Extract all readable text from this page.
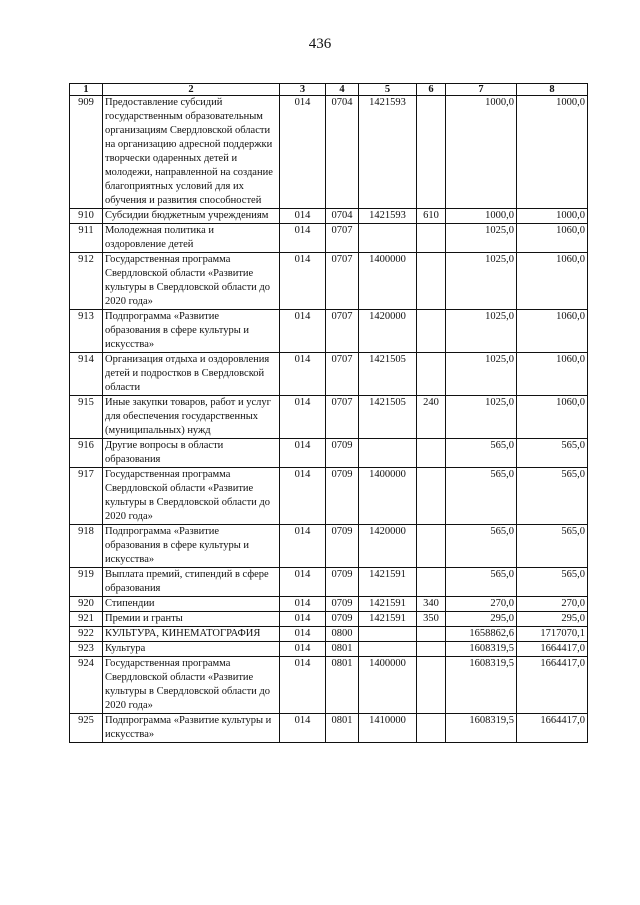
436
1	2	3	4	5	6	7	8
909	Предоставление субсидий государственным образовательным организациям Свердловской области на организацию адресной поддержки творчески одаренных детей и молодежи, направленной на создание благоприятных условий для их обучения и развития способностей	014	0704	1421593		1000,0	1000,0
910	Субсидии бюджетным учреждениям	014	0704	1421593	610	1000,0	1000,0
911	Молодежная политика и оздоровление детей	014	0707			1025,0	1060,0
912	Государственная программа Свердловской области «Развитие культуры в Свердловской области до 2020 года»	014	0707	1400000		1025,0	1060,0
913	Подпрограмма «Развитие образования в сфере культуры и искусства»	014	0707	1420000		1025,0	1060,0
914	Организация отдыха и оздоровления детей и подростков в Свердловской области	014	0707	1421505		1025,0	1060,0
915	Иные закупки товаров, работ и услуг для обеспечения государственных (муниципальных) нужд	014	0707	1421505	240	1025,0	1060,0
916	Другие вопросы в области образования	014	0709			565,0	565,0
917	Государственная программа Свердловской области «Развитие культуры в Свердловской области до 2020 года»	014	0709	1400000		565,0	565,0
918	Подпрограмма «Развитие образования в сфере культуры и искусства»	014	0709	1420000		565,0	565,0
919	Выплата премий, стипендий в сфере образования	014	0709	1421591		565,0	565,0
920	Стипендии	014	0709	1421591	340	270,0	270,0
921	Премии и гранты	014	0709	1421591	350	295,0	295,0
922	КУЛЬТУРА, КИНЕМАТОГРАФИЯ	014	0800			1658862,6	1717070,1
923	Культура	014	0801			1608319,5	1664417,0
924	Государственная программа Свердловской области «Развитие культуры в Свердловской области до 2020 года»	014	0801	1400000		1608319,5	1664417,0
925	Подпрограмма «Развитие культуры и искусства»	014	0801	1410000		1608319,5	1664417,0
